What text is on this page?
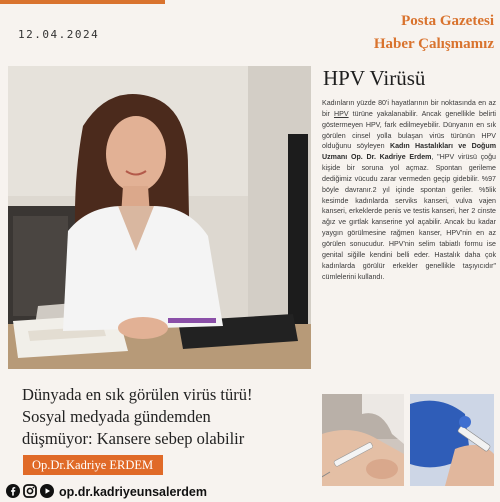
12.04.2024
Posta Gazetesi
Haber Çalışmamız
HPV Virüsü
Kadınların yüzde 80'i hayatlarının bir noktasında en az bir HPV türüne yakalanabilir. Ancak genellikle belirti göstermeyen HPV, fark edilmeyebilir. Dünyanın en sık görülen cinsel yolla bulaşan virüs türünün HPV olduğunu söyleyen Kadın Hastalıkları ve Doğum Uzmanı Op. Dr. Kadriye Erdem, "HPV virüsü çoğu kişide bir soruna yol açmaz. Spontan gerileme dediğimiz vücudu zarar vermeden geçip gidebilir. %97 böyle davranır.2 yıl içinde spontan geriler. %5lik kesimde kadınlarda serviks kanseri, vulva vajen kanseri, erkeklerde penis ve testis kanseri, her 2 cinste ağız ve gırtlak kanserine yol açabilir. Ancak bu kadar yaygın görülmesine rağmen kanser, HPV'nin en az görülen sonucudur. HPV'nin selim tabiatlı formu ise genital siğille kendini belli eder. Hastalık daha çok kadınlarda görülür erkekler genellikle taşıyıcıdır" cümlelerini kullandı.
Dünyada en sık görülen virüs türü!
Sosyal medyada gündemden
düşmüyor: Kansere sebep olabilir
Op.Dr.Kadriye ERDEM
op.dr.kadriyeunsalerdem
